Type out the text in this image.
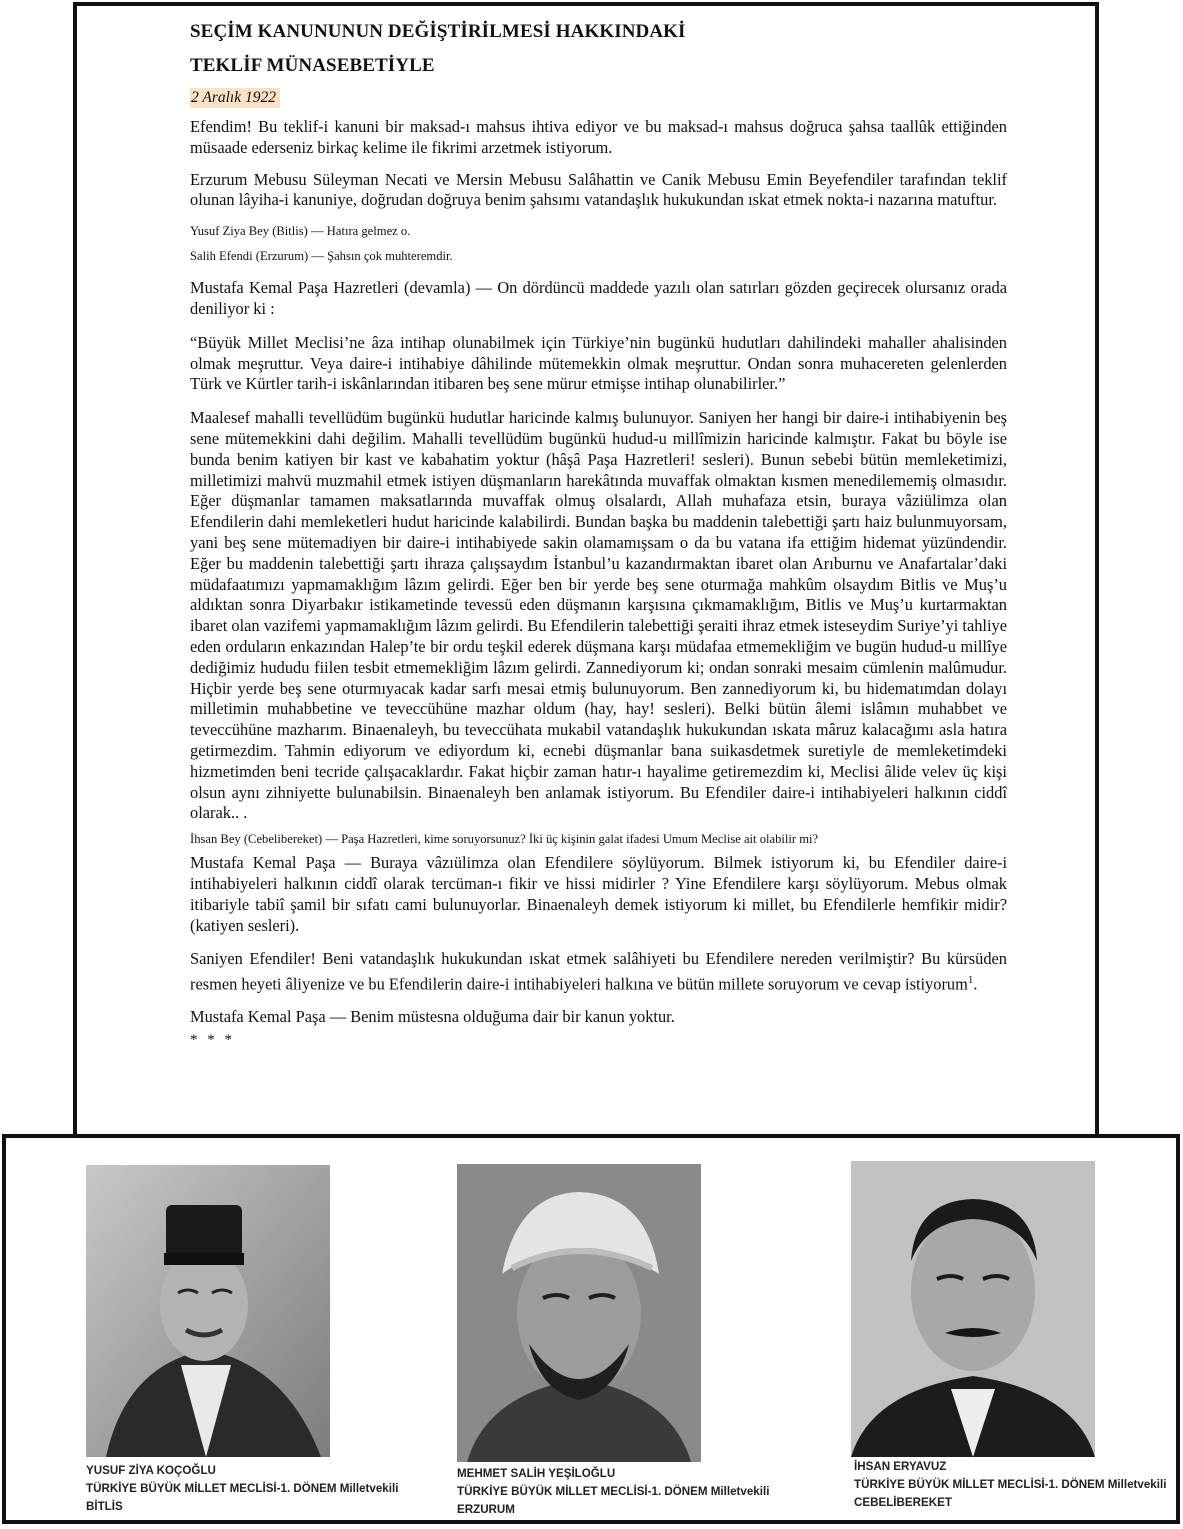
SEÇİM KANUNUNUN DEĞİŞTİRİLMESİ HAKKINDAKİ
TEKLİF MÜNASEBETİYLE
2 Aralık 1922

Efendim! Bu teklif-i kanuni bir maksad-ı mahsus ihtiva ediyor ve bu maksad-ı mahsus doğruca şahsa taallûk ettiğinden müsaade ederseniz birkaç kelime ile fikrimi arzetmek istiyorum.

Erzurum Mebusu Süleyman Necati ve Mersin Mebusu Salâhattin ve Canik Mebusu Emin Beyefendiler tarafından teklif olunan lâyiha-i kanuniye, doğrudan doğruya benim şahsımı vatandaşlık hukukundan ıskat etmek nokta-i nazarına matuftur.

Yusuf Ziya Bey (Bitlis) — Hatıra gelmez o.

Salih Efendi (Erzurum) — Şahsın çok muhteremdir.

Mustafa Kemal Paşa Hazretleri (devamla) — On dördüncü maddede yazılı olan satırları gözden geçirecek olursanız orada deniliyor ki :

“Büyük Millet Meclisi’ne âza intihap olunabilmek için Türkiye’nin bugünkü hudutları dahilindeki mahaller ahalisinden olmak meşruttur. Veya daire-i intihabiye dâhilinde mütemekkin olmak meşruttur. Ondan sonra muhacereten gelenlerden Türk ve Kürtler tarih-i iskânlarından itibaren beş sene mürur etmişse intihap olunabilirler.”

Maalesef mahalli tevellüdüm bugünkü hudutlar haricinde kalmış bulunuyor. Saniyen her hangi bir daire-i intihabiyenin beş sene mütemekkini dahi değilim. Mahalli tevellüdüm bugünkü hudud-u millîmizin haricinde kalmıştır. Fakat bu böyle ise bunda benim katiyen bir kast ve kabahatim yoktur (hâşâ Paşa Hazretleri! sesleri). Bunun sebebi bütün memleketimizi, milletimizi mahvü muzmahil etmek istiyen düşmanların harekâtında muvaffak olmaktan kısmen menedilememiş olmasıdır. Eğer düşmanlar tamamen maksatlarında muvaffak olmuş olsalardı, Allah muhafaza etsin, buraya vâziülimza olan Efendilerin dahi memleketleri hudut haricinde kalabilirdi. Bundan başka bu maddenin talebettiği şartı haiz bulunmuyorsam, yani beş sene mütemadiyen bir daire-i intihabiyede sakin olamamışsam o da bu vatana ifa ettiğim hidemat yüzündendir. Eğer bu maddenin talebettiği şartı ihraza çalışsaydım İstanbul’u kazandırmaktan ibaret olan Arıburnu ve Anafartalar’daki müdafaatımızı yapmamaklığım lâzım gelirdi. Eğer ben bir yerde beş sene oturmağa mahkûm olsaydım Bitlis ve Muş’u aldıktan sonra Diyarbakır istikametinde tevessü eden düşmanın karşısına çıkmamaklığım, Bitlis ve Muş’u kurtarmaktan ibaret olan vazifemi yapmamaklığım lâzım gelirdi. Bu Efendilerin talebettiği şeraiti ihraz etmek isteseydim Suriye’yi tahliye eden orduların enkazından Halep’te bir ordu teşkil ederek düşmana karşı müdafaa etmemekliğim ve bugün hudud-u millîye dediğimiz hududu fiilen tesbit etmemekliğim lâzım gelirdi. Zannediyorum ki; ondan sonraki mesaim cümlenin malûmudur. Hiçbir yerde beş sene oturmıyacak kadar sarfı mesai etmiş bulunuyorum. Ben zannediyorum ki, bu hidematımdan dolayı milletimin muhabbetine ve teveccühüne mazhar oldum (hay, hay! sesleri). Belki bütün âlemi islâmın muhabbet ve teveccühüne mazharım. Binaenaleyh, bu teveccühata mukabil vatandaşlık hukukundan ıskata mâruz kalacağımı asla hatıra getirmezdim. Tahmin ediyorum ve ediyordum ki, ecnebi düşmanlar bana suikasdetmek suretiyle de memleketimdeki hizmetimden beni tecride çalışacaklardır. Fakat hiçbir zaman hatır-ı hayalime getiremezdim ki, Meclisi âlide velev üç kişi olsun aynı zihniyette bulunabilsin. Binaenaleyh ben anlamak istiyorum. Bu Efendiler daire-i intihabiyeleri halkının ciddî olarak.. .

İhsan Bey (Cebelibereket) — Paşa Hazretleri, kime soruyorsunuz? İki üç kişinin galat ifadesi Umum Meclise ait olabilir mi?

Mustafa Kemal Paşa — Buraya vâzıülimza olan Efendilere söylüyorum. Bilmek istiyorum ki, bu Efendiler daire-i intihabiyeleri halkının ciddî olarak tercüman-ı fikir ve hissi midirler ? Yine Efendilere karşı söylüyorum. Mebus olmak itibariyle tabiî şamil bir sıfatı cami bulunuyorlar. Binaenaleyh demek istiyorum ki millet, bu Efendilerle hemfikir midir? (katiyen sesleri).

Saniyen Efendiler! Beni vatandaşlık hukukundan ıskat etmek salâhiyeti bu Efendilere nereden verilmiştir? Bu kürsüden resmen heyeti âliyenize ve bu Efendilerin daire-i intihabiyeleri halkına ve bütün millete soruyorum ve cevap istiyorum$^1$.

Mustafa Kemal Paşa — Benim müstesna olduğuma dair bir kanun yoktur.

* * *
YUSUF ZİYA KOÇOĞLU
TÜRKİYE BÜYÜK MİLLET MECLİSİ-1. DÖNEM Milletvekili
BİTLİS
MEHMET SALİH YEŞİLOĞLU
TÜRKİYE BÜYÜK MİLLET MECLİSİ-1. DÖNEM Milletvekili
ERZURUM
İHSAN ERYAVUZ
TÜRKİYE BÜYÜK MİLLET MECLİSİ-1. DÖNEM Milletvekili
CEBELİBEREKET
